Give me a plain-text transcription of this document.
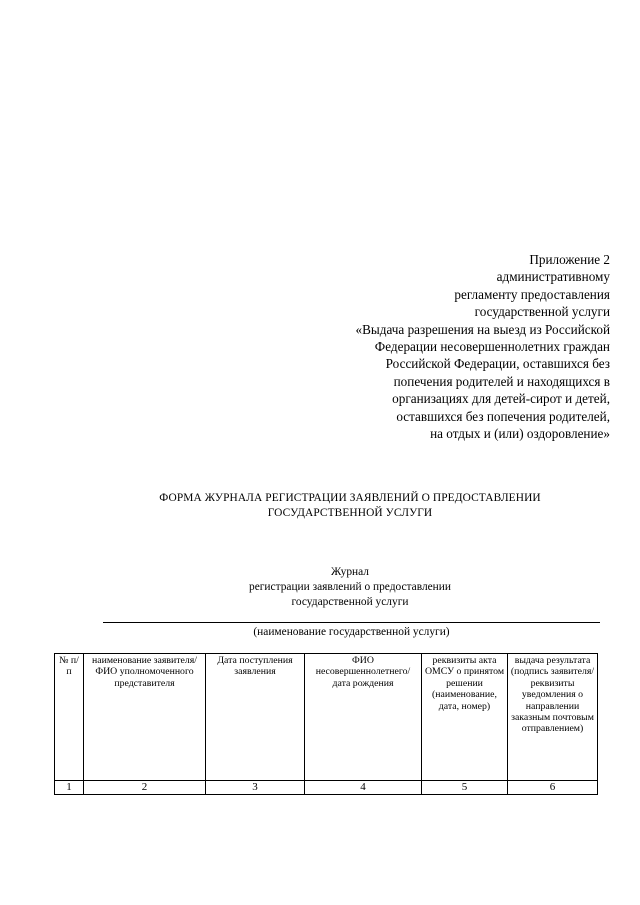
Приложение 2
административному
регламенту предоставления
государственной услуги
«Выдача разрешения на выезд из Российской
Федерации несовершеннолетних граждан
Российской Федерации, оставшихся без
попечения родителей и находящихся в
организациях для детей-сирот и детей,
оставшихся без попечения родителей,
на отдых и (или) оздоровление»
ФОРМА ЖУРНАЛА РЕГИСТРАЦИИ ЗАЯВЛЕНИЙ О ПРЕДОСТАВЛЕНИИ
ГОСУДАРСТВЕННОЙ УСЛУГИ
Журнал
регистрации заявлений о предоставлении
государственной услуги
(наименование государственной услуги)
№ п/п	наименование заявителя/ ФИО уполномоченного представителя	Дата поступления заявления	ФИО несовершеннолетнего/ дата рождения	реквизиты акта ОМСУ о принятом решении (наименование, дата, номер)	выдача результата (подпись заявителя/ реквизиты уведомления о направлении заказным почтовым отправлением)
1	2	3	4	5	6
